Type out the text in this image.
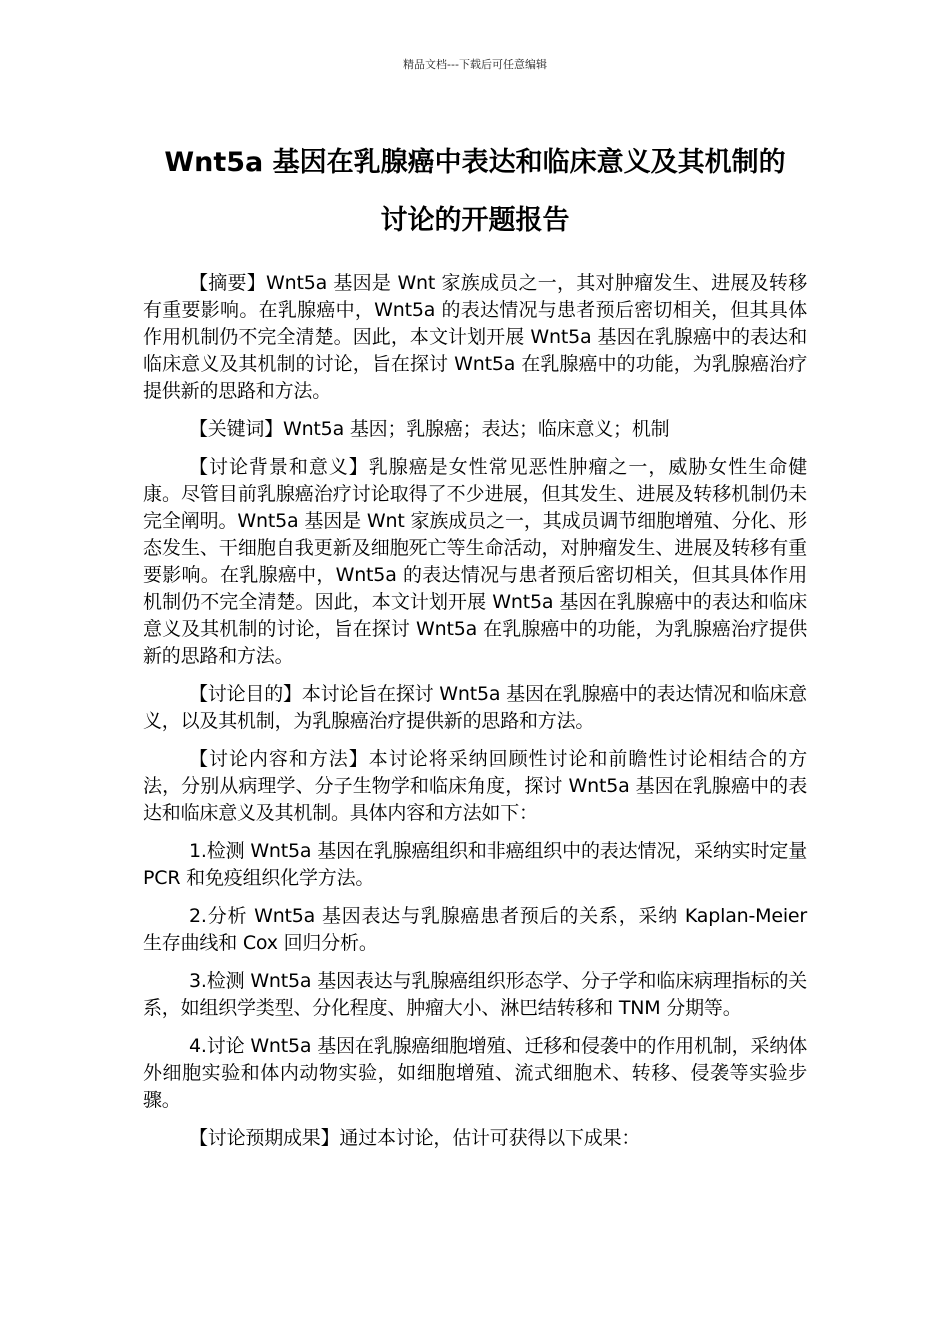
精品文档---下载后可任意编辑
Wnt5a 基因在乳腺癌中表达和临床意义及其机制的
讨论的开题报告

【摘要】Wnt5a 基因是 Wnt 家族成员之一，其对肿瘤发生、进展及转移有重要影响。在乳腺癌中，Wnt5a 的表达情况与患者预后密切相关，但其具体作用机制仍不完全清楚。因此，本文计划开展 Wnt5a 基因在乳腺癌中的表达和临床意义及其机制的讨论，旨在探讨 Wnt5a 在乳腺癌中的功能，为乳腺癌治疗提供新的思路和方法。

【关键词】Wnt5a 基因；乳腺癌；表达；临床意义；机制

【讨论背景和意义】乳腺癌是女性常见恶性肿瘤之一，威胁女性生命健康。尽管目前乳腺癌治疗讨论取得了不少进展，但其发生、进展及转移机制仍未完全阐明。Wnt5a 基因是 Wnt 家族成员之一，其成员调节细胞增殖、分化、形态发生、干细胞自我更新及细胞死亡等生命活动，对肿瘤发生、进展及转移有重要影响。在乳腺癌中，Wnt5a 的表达情况与患者预后密切相关，但其具体作用机制仍不完全清楚。因此，本文计划开展 Wnt5a 基因在乳腺癌中的表达和临床意义及其机制的讨论，旨在探讨 Wnt5a 在乳腺癌中的功能，为乳腺癌治疗提供新的思路和方法。

【讨论目的】本讨论旨在探讨 Wnt5a 基因在乳腺癌中的表达情况和临床意义，以及其机制，为乳腺癌治疗提供新的思路和方法。

【讨论内容和方法】本讨论将采纳回顾性讨论和前瞻性讨论相结合的方法，分别从病理学、分子生物学和临床角度，探讨 Wnt5a 基因在乳腺癌中的表达和临床意义及其机制。具体内容和方法如下：

1.检测 Wnt5a 基因在乳腺癌组织和非癌组织中的表达情况，采纳实时定量 PCR 和免疫组织化学方法。

2.分析 Wnt5a 基因表达与乳腺癌患者预后的关系，采纳 Kaplan-Meier 生存曲线和 Cox 回归分析。

3.检测 Wnt5a 基因表达与乳腺癌组织形态学、分子学和临床病理指标的关系，如组织学类型、分化程度、肿瘤大小、淋巴结转移和 TNM 分期等。

4.讨论 Wnt5a 基因在乳腺癌细胞增殖、迁移和侵袭中的作用机制，采纳体外细胞实验和体内动物实验，如细胞增殖、流式细胞术、转移、侵袭等实验步骤。

【讨论预期成果】通过本讨论，估计可获得以下成果：
